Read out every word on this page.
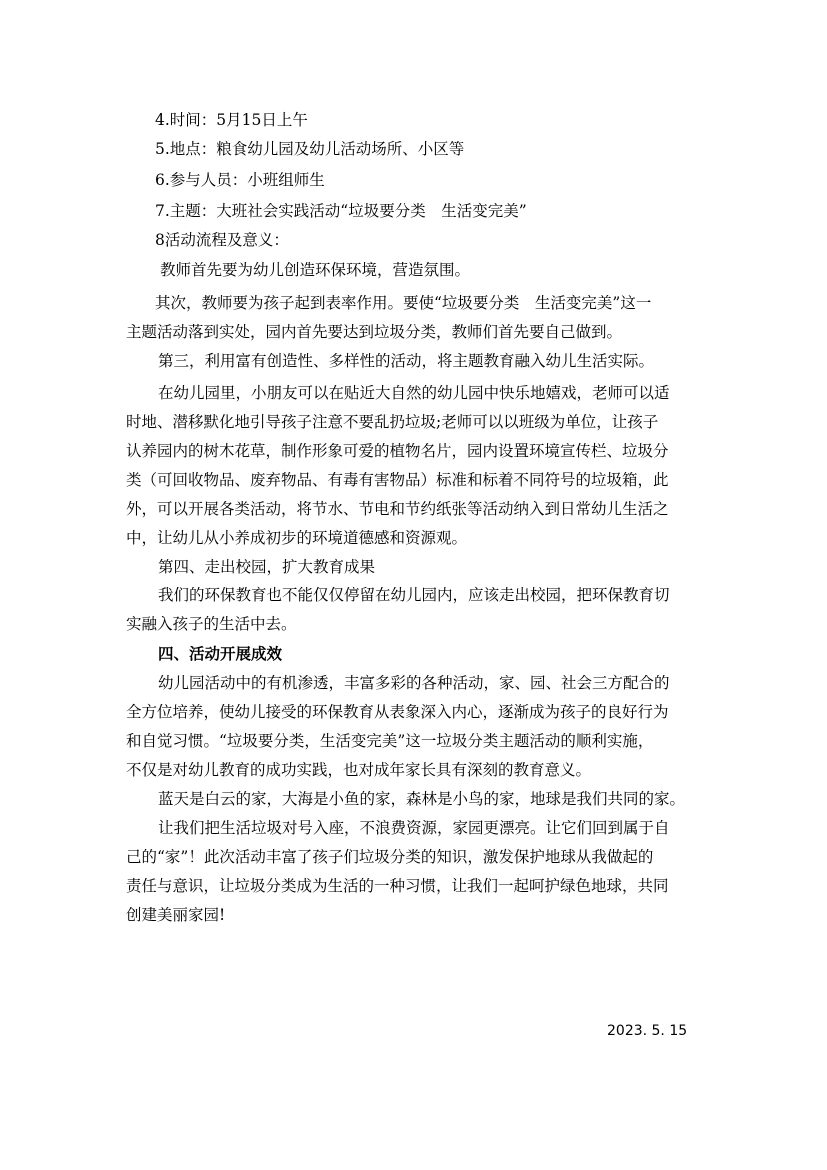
4.时间：5月15日上午
5.地点：粮食幼儿园及幼儿活动场所、小区等
6.参与人员：小班组师生
7.主题：大班社会实践活动“垃圾要分类　生活变完美”
8活动流程及意义：
教师首先要为幼儿创造环保环境，营造氛围。
其次，教师要为孩子起到表率作用。要使“垃圾要分类　生活变完美”这一
主题活动落到实处，园内首先要达到垃圾分类，教师们首先要自己做到。
第三，利用富有创造性、多样性的活动，将主题教育融入幼儿生活实际。
在幼儿园里，小朋友可以在贴近大自然的幼儿园中快乐地嬉戏，老师可以适
时地、潜移默化地引导孩子注意不要乱扔垃圾;老师可以以班级为单位，让孩子
认养园内的树木花草，制作形象可爱的植物名片，园内设置环境宣传栏、垃圾分
类（可回收物品、废弃物品、有毒有害物品）标准和标着不同符号的垃圾箱，此
外，可以开展各类活动，将节水、节电和节约纸张等活动纳入到日常幼儿生活之
中，让幼儿从小养成初步的环境道德感和资源观。
第四、走出校园，扩大教育成果
我们的环保教育也不能仅仅停留在幼儿园内，应该走出校园，把环保教育切
实融入孩子的生活中去。
四、活动开展成效
幼儿园活动中的有机渗透，丰富多彩的各种活动，家、园、社会三方配合的
全方位培养，使幼儿接受的环保教育从表象深入内心，逐渐成为孩子的良好行为
和自觉习惯。“垃圾要分类，生活变完美”这一垃圾分类主题活动的顺利实施，
不仅是对幼儿教育的成功实践，也对成年家长具有深刻的教育意义。
蓝天是白云的家，大海是小鱼的家，森林是小鸟的家，地球是我们共同的家。
让我们把生活垃圾对号入座，不浪费资源，家园更漂亮。让它们回到属于自
己的“家”！此次活动丰富了孩子们垃圾分类的知识，激发保护地球从我做起的
责任与意识，让垃圾分类成为生活的一种习惯，让我们一起呵护绿色地球，共同
创建美丽家园!
2023. 5. 15
